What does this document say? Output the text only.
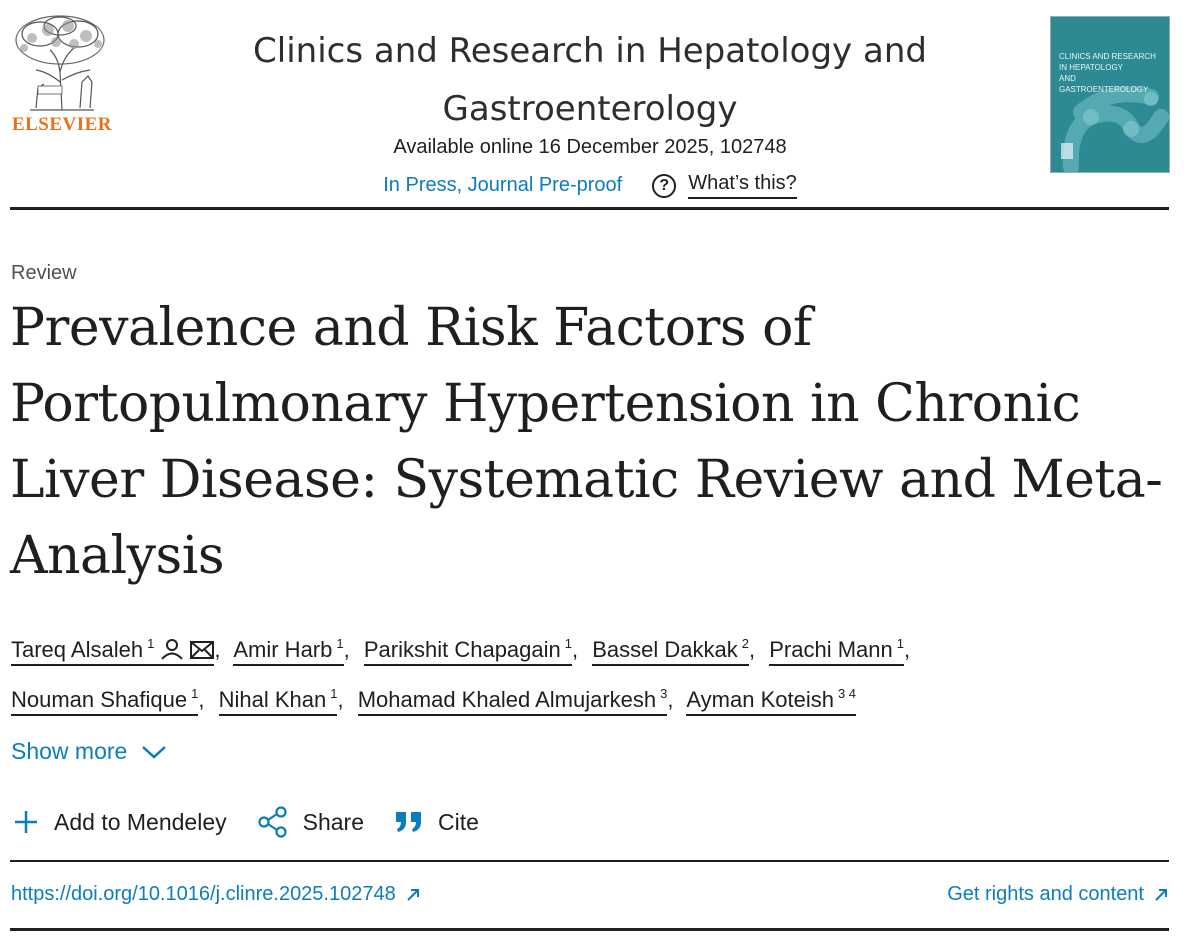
ELSEVIER
Clinics and Research in Hepatology and Gastroenterology
Available online 16 December 2025, 102748
In Press, Journal Pre-proof	? What’s this?
CLINICS AND RESEARCH
IN HEPATOLOGY
AND GASTROENTEROLOGY
Review
Prevalence and Risk Factors of Portopulmonary Hypertension in Chronic Liver Disease: Systematic Review and Meta-Analysis
Tareq Alsaleh $^1$	, Amir Harb $^1$, Parikshit Chapagain $^1$, Bassel Dakkak $^2$, Prachi Mann $^1$,
Nouman Shafique $^1$, Nihal Khan $^1$, Mohamad Khaled Almujarkesh $^3$, Ayman Koteish $^{3 4}$
Show more
Add to Mendeley	Share	Cite
https://doi.org/10.1016/j.clinre.2025.102748	Get rights and content
